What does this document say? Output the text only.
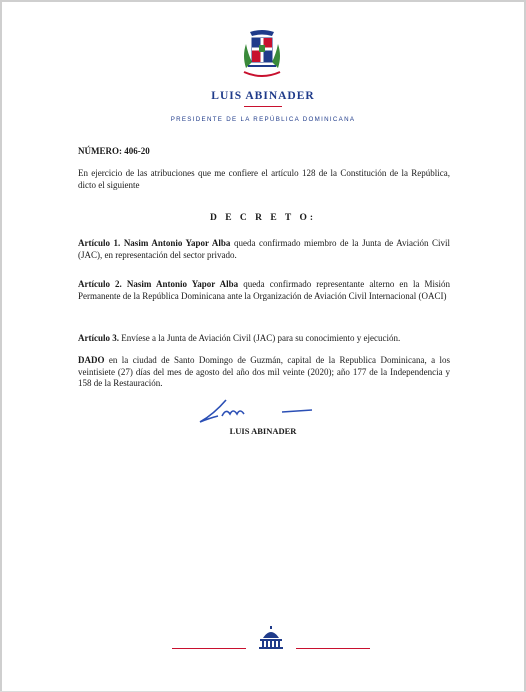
LUIS ABINADER
PRESIDENTE DE LA REPÚBLICA DOMINICANA
NÚMERO: 406-20
En ejercicio de las atribuciones que me confiere el artículo 128 de la Constitución de la República, dicto el siguiente
D E C R E T O:
Artículo 1. Nasim Antonio Yapor Alba queda confirmado miembro de la Junta de Aviación Civil (JAC), en representación del sector privado.
Artículo 2. Nasim Antonio Yapor Alba queda confirmado representante alterno en la Misión Permanente de la República Dominicana ante la Organización de Aviación Civil Internacional (OACI)
Artículo 3. Envíese a la Junta de Aviación Civil (JAC) para su conocimiento y ejecución.
DADO en la ciudad de Santo Domingo de Guzmán, capital de la Republica Dominicana, a los veintisiete (27) días del mes de agosto del año dos mil veinte (2020); año 177 de la Independencia y 158 de la Restauración.
LUIS ABINADER
